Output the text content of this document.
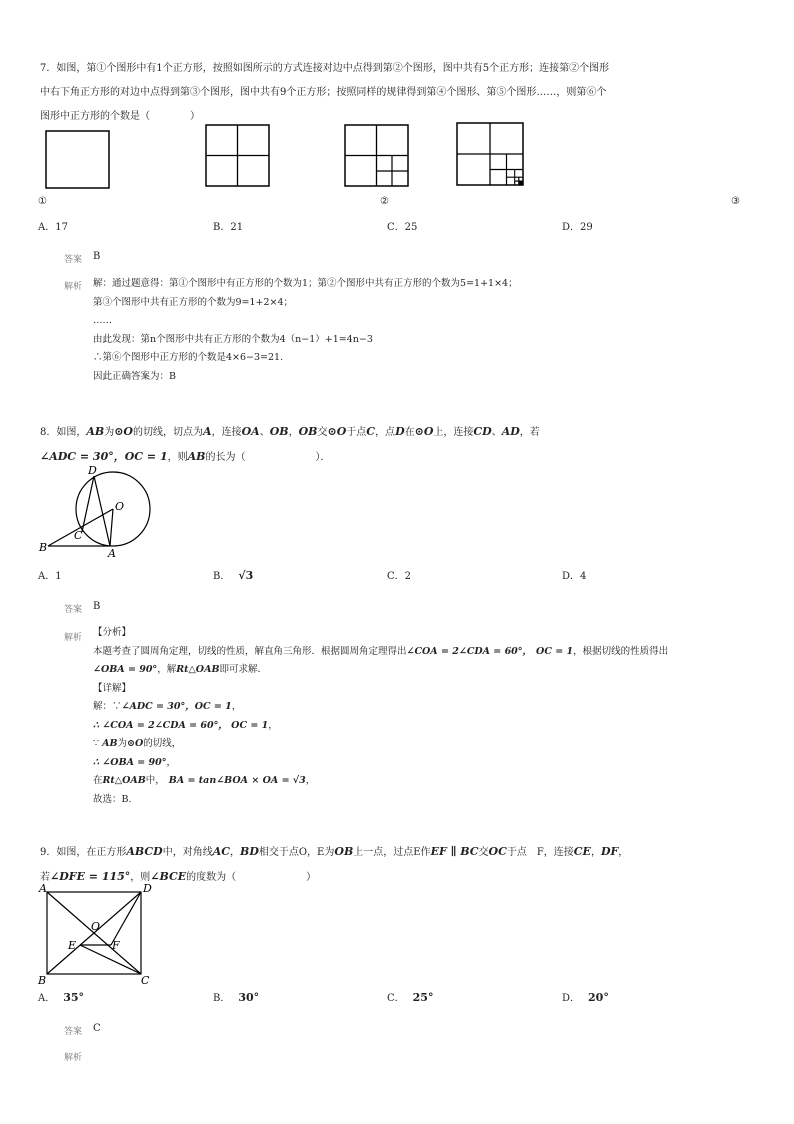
7．如图，第①个图形中有1个正方形，按照如图所示的方式连接对边中点得到第②个图形，图中共有5个正方形；连接第②个图形
中右下角正方形的对边中点得到第③个图形，图中共有9个正方形；按照同样的规律得到第④个图形、第⑤个图形……，则第⑥个
图形中正方形的个数是（　　　　）
①	②	③
A．17	B．21	C．25	D．29
答案 B
解析 解：通过题意得：第①个图形中有正方形的个数为1；第②个图形中共有正方形的个数为5=1+1×4；
第③个图形中共有正方形的个数为9=1+2×4；
……
由此发现：第n个图形中共有正方形的个数为4（n−1）+1=4n−3
∴第⑥个图形中正方形的个数是4×6−3=21.
因此正确答案为：B
8．如图，AB为⊙O的切线，切点为A，连接OA、OB，OB交⊙O于点C，点D在⊙O上，连接CD、AD，若
∠ADC = 30°，OC = 1，则AB的长为（　　　　　　　）．
D
O
C
B	A
A．1	B． √3	C．2	D．4
答案 B
解析 【分析】
本题考查了圆周角定理，切线的性质，解直角三角形．根据圆周角定理得出∠COA = 2∠CDA = 60°， OC = 1，根据切线的性质得出
∠OBA = 90°，解Rt△OAB即可求解．
【详解】
解：∵∠ADC = 30°，OC = 1，
∴ ∠COA = 2∠CDA = 60°， OC = 1，
∵ AB为⊙O的切线，
∴ ∠OBA = 90°，
在Rt△OAB中， BA = tan∠BOA × OA = √3，
故选：B.
9．如图，在正方形ABCD中，对角线AC，BD相交于点O，E为OB上一点，过点E作EF ∥ BC交OC于点　F，连接CE，DF，
若∠DFE = 115°，则∠BCE的度数为（　　　　　　　）
A	D
O
E	F
B	C
A． 35°	B． 30°	C． 25°	D． 20°
答案 C
解析
